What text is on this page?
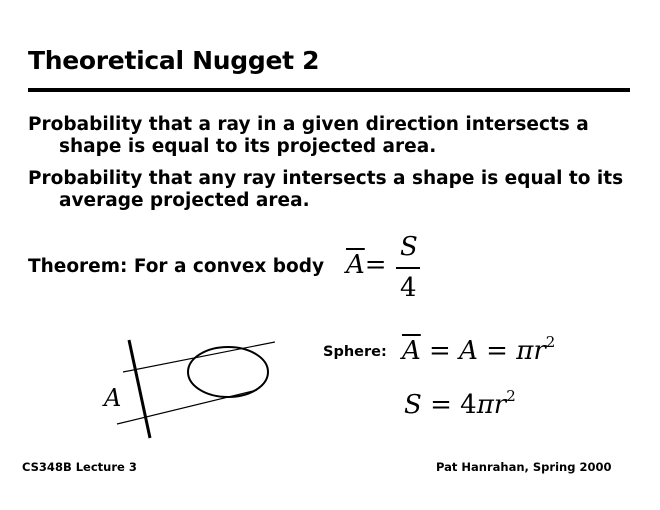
Theoretical Nugget 2
Probability that a ray in a given direction intersects a
shape is equal to its projected area.
Probability that any ray intersects a shape is equal to its
average projected area.
Theorem: For a convex body $\overline{A}=$
S
4
A
Sphere: $\overline{A} = A = \pi r^2$
$S = 4\pi r^2$
CS348B Lecture 3	Pat Hanrahan, Spring 2000
